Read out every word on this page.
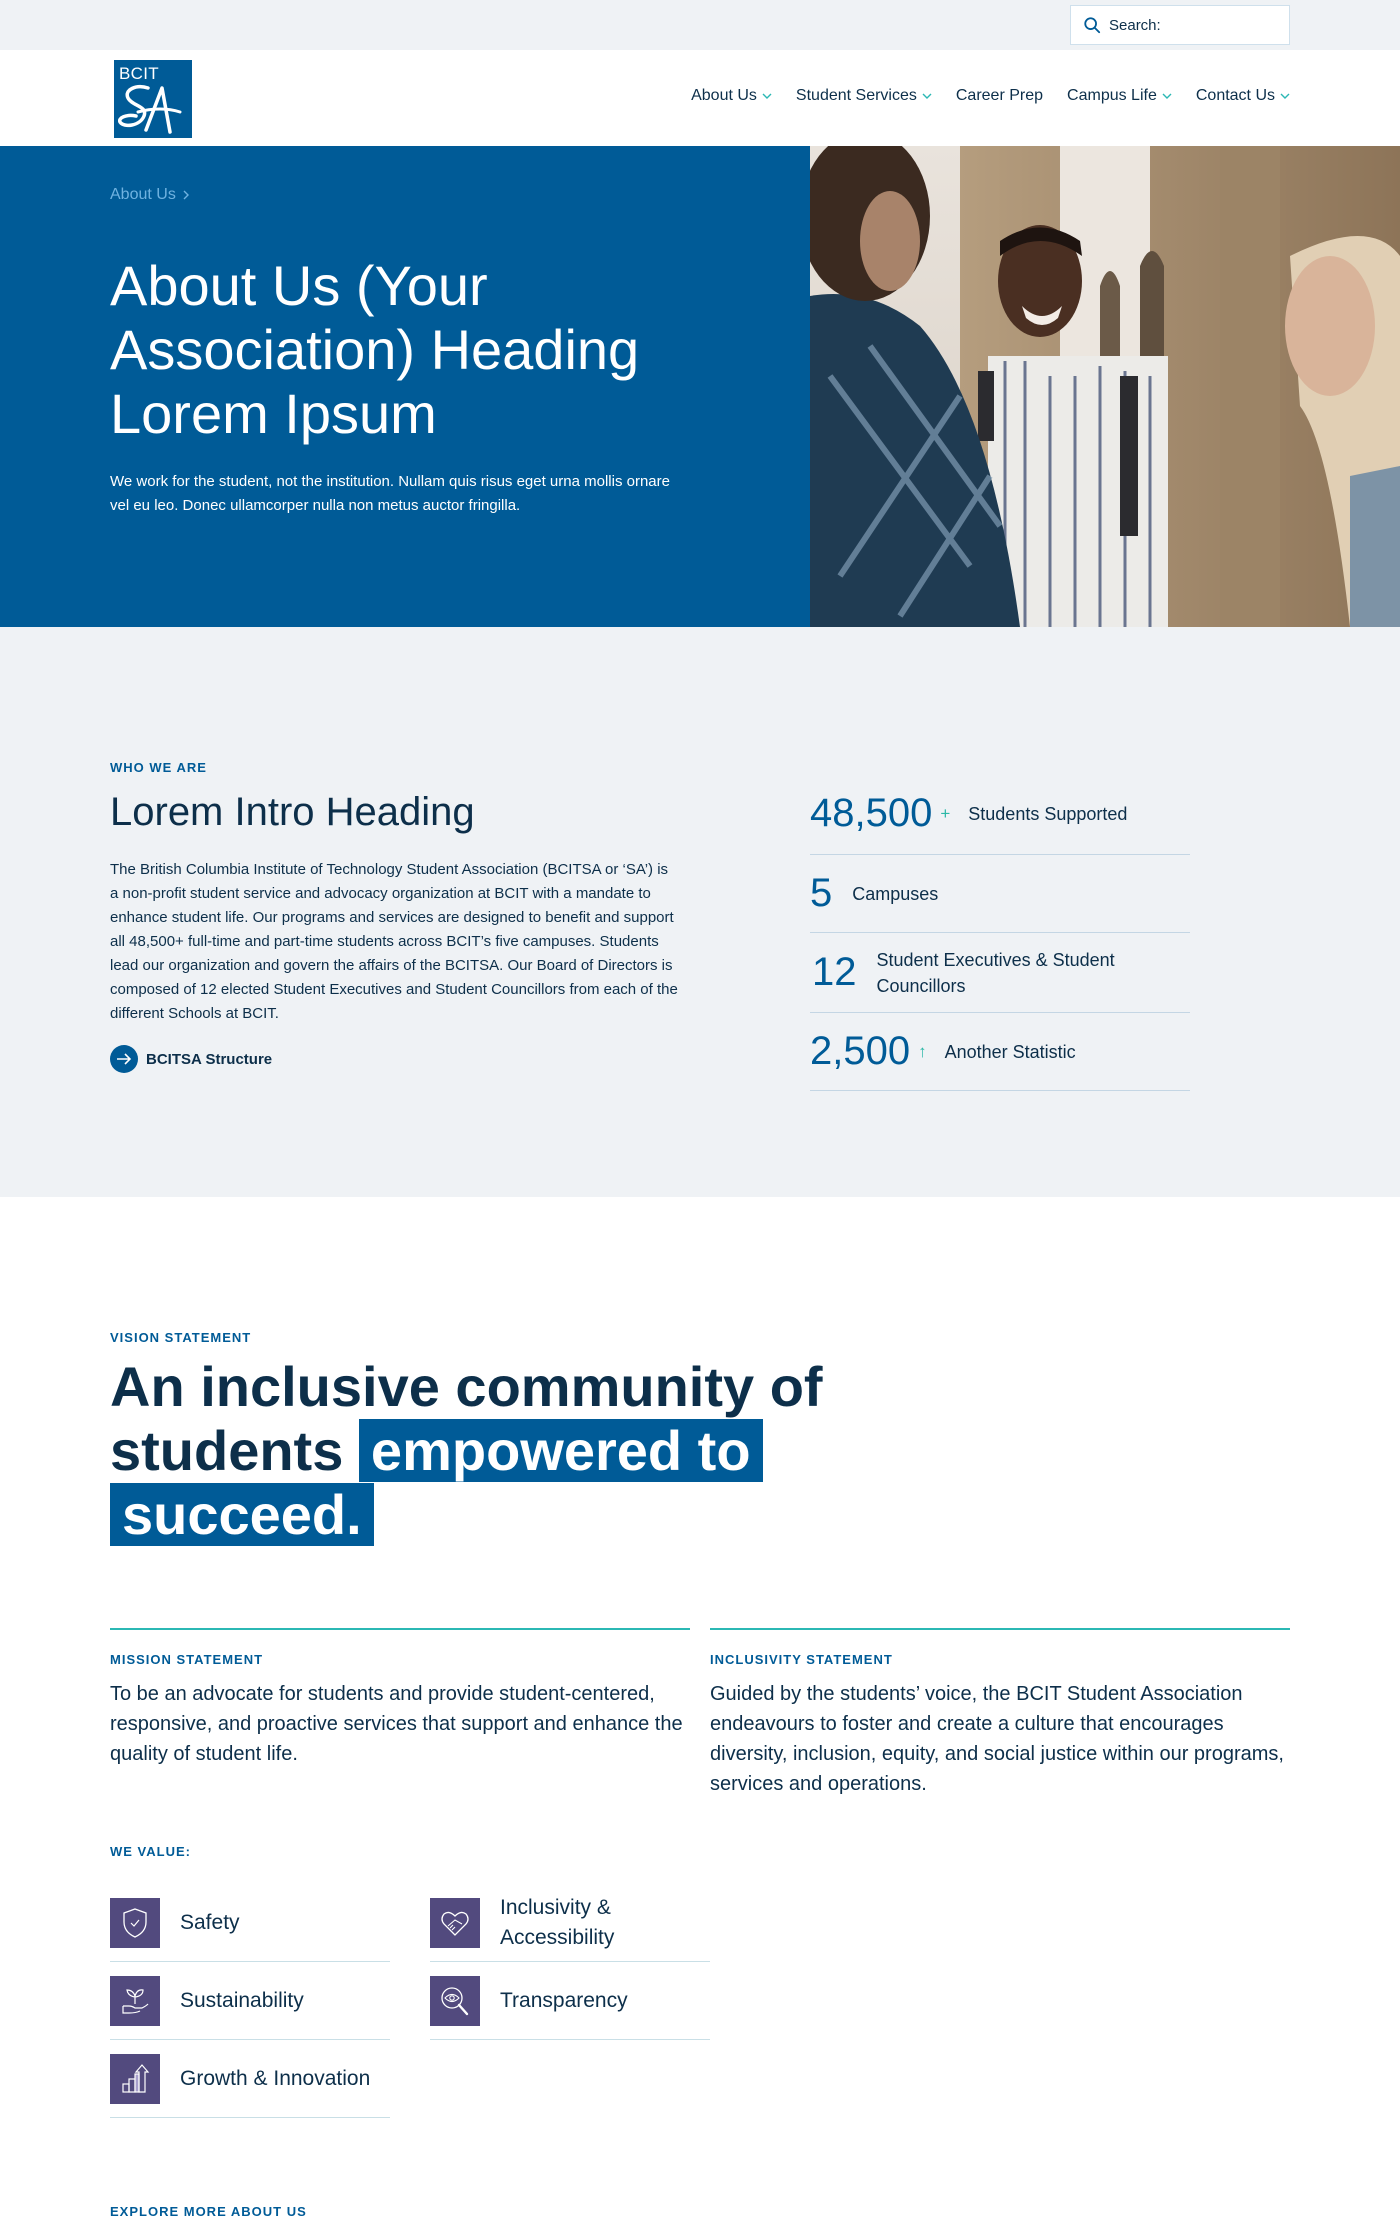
Search:
BCIT
About Us Student Services Career Prep Campus Life Contact Us
About Us
About Us (Your Association) Heading Lorem Ipsum

We work for the student, not the institution. Nullam quis risus eget urna mollis ornare vel eu leo. Donec ullamcorper nulla non metus auctor fringilla.

WHO WE ARE
Lorem Intro Heading

The British Columbia Institute of Technology Student Association (BCITSA or ‘SA’) is a non-profit student service and advocacy organization at BCIT with a mandate to enhance student life. Our programs and services are designed to benefit and support all 48,500+ full-time and part-time students across BCIT’s five campuses. Students lead our organization and govern the affairs of the BCITSA. Our Board of Directors is composed of 12 elected Student Executives and Student Councillors from each of the different Schools at BCIT.

BCITSA Structure
48,500 + Students Supported
5 Campuses
12 Student Executives & Student Councillors
2,500 ↑ Another Statistic
VISION STATEMENT
An inclusive community of students empowered to succeed.
MISSION STATEMENT

To be an advocate for students and provide student-centered, responsive, and proactive services that support and enhance the quality of student life.

INCLUSIVITY STATEMENT

Guided by the students’ voice, the BCIT Student Association endeavours to foster and create a culture that encourages diversity, inclusion, equity, and social justice within our programs, services and operations.

WE VALUE:
Safety
Inclusivity & Accessibility
Sustainability	Transparency
Growth & Innovation
EXPLORE MORE ABOUT US
